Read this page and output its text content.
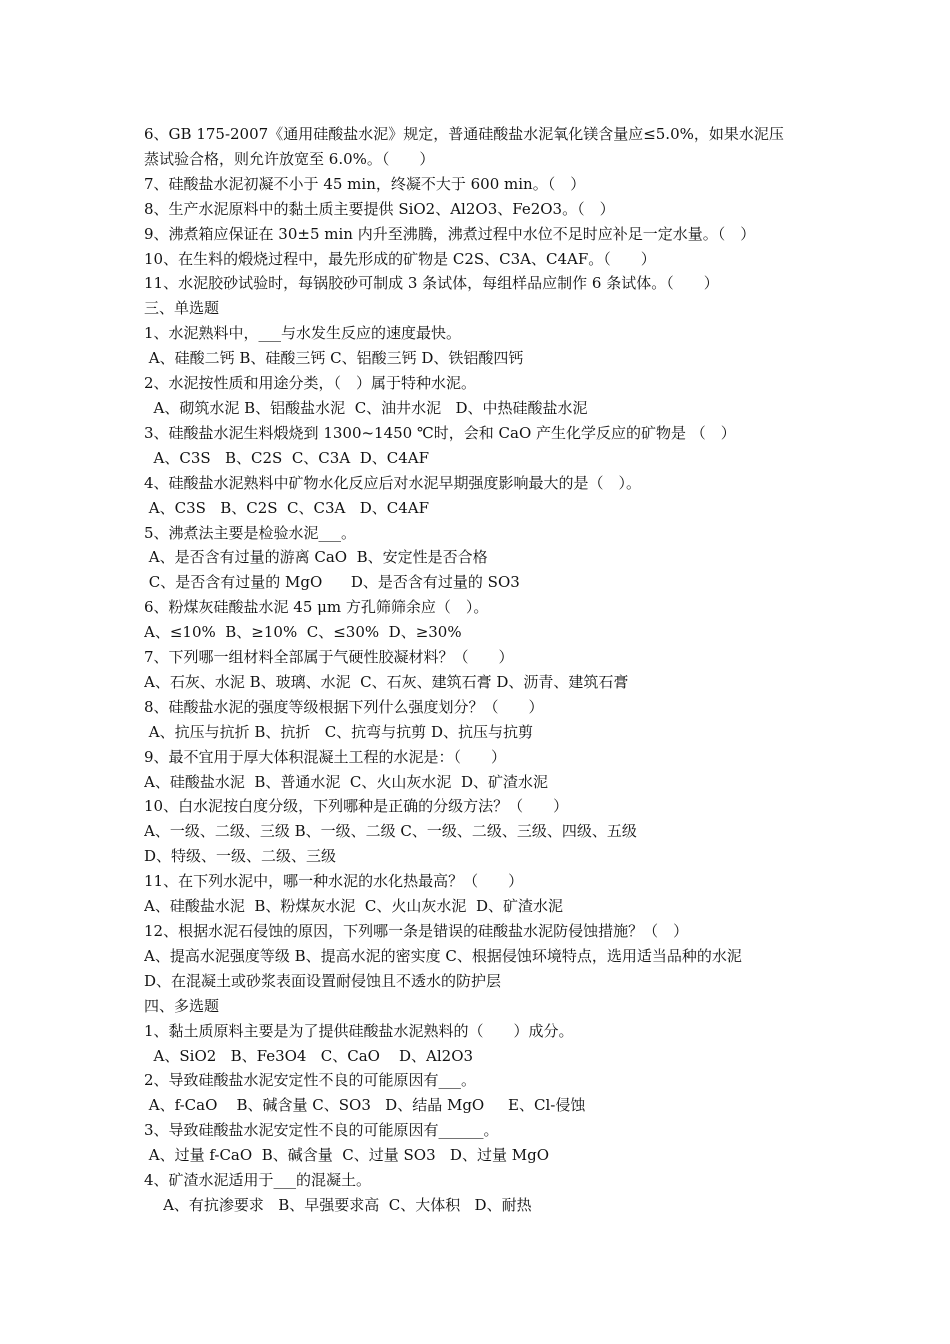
6、GB 175-2007《通用硅酸盐水泥》规定，普通硅酸盐水泥氧化镁含量应≤5.0%，如果水泥压
蒸试验合格，则允许放宽至 6.0%。（　　）
7、硅酸盐水泥初凝不小于 45 min，终凝不大于 600 min。（　）
8、生产水泥原料中的黏土质主要提供 SiO2、Al2O3、Fe2O3。（　）
9、沸煮箱应保证在 30±5 min 内升至沸腾，沸煮过程中水位不足时应补足一定水量。（　）
10、在生料的煅烧过程中，最先形成的矿物是 C2S、C3A、C4AF。（　　）
11、水泥胶砂试验时，每锅胶砂可制成 3 条试体，每组样品应制作 6 条试体。（　　）
三、单选题
1、水泥熟料中，___与水发生反应的速度最快。
A、硅酸二钙 B、硅酸三钙 C、铝酸三钙 D、铁铝酸四钙
2、水泥按性质和用途分类，（　）属于特种水泥。
A、砌筑水泥 B、铝酸盐水泥  C、油井水泥   D、中热硅酸盐水泥
3、硅酸盐水泥生料煅烧到 1300~1450 ℃时，会和 CaO 产生化学反应的矿物是 （　）
A、C3S   B、C2S  C、C3A  D、C4AF
4、硅酸盐水泥熟料中矿物水化反应后对水泥早期强度影响最大的是（　）。
A、C3S   B、C2S  C、C3A   D、C4AF
5、沸煮法主要是检验水泥___。
A、是否含有过量的游离 CaO  B、安定性是否合格
C、是否含有过量的 MgO      D、是否含有过量的 SO3
6、粉煤灰硅酸盐水泥 45 μm 方孔筛筛余应（　）。
A、≤10%  B、≥10%  C、≤30%  D、≥30%
7、下列哪一组材料全部属于气硬性胶凝材料？（　　）
A、石灰、水泥 B、玻璃、水泥  C、石灰、建筑石膏 D、沥青、建筑石膏
8、硅酸盐水泥的强度等级根据下列什么强度划分？（　　）
A、抗压与抗折 B、抗折   C、抗弯与抗剪 D、抗压与抗剪
9、最不宜用于厚大体积混凝土工程的水泥是：（　　）
A、硅酸盐水泥  B、普通水泥  C、火山灰水泥  D、矿渣水泥
10、白水泥按白度分级，下列哪种是正确的分级方法？（　　）
A、一级、二级、三级 B、一级、二级 C、一级、二级、三级、四级、五级
D、特级、一级、二级、三级
11、在下列水泥中，哪一种水泥的水化热最高？（　　）
A、硅酸盐水泥  B、粉煤灰水泥  C、火山灰水泥  D、矿渣水泥
12、根据水泥石侵蚀的原因，下列哪一条是错误的硅酸盐水泥防侵蚀措施？（　）
A、提高水泥强度等级 B、提高水泥的密实度 C、根据侵蚀环境特点，选用适当品种的水泥
D、在混凝土或砂浆表面设置耐侵蚀且不透水的防护层
四、多选题
1、黏土质原料主要是为了提供硅酸盐水泥熟料的（　　）成分。
A、SiO2   B、Fe3O4   C、CaO    D、Al2O3
2、导致硅酸盐水泥安定性不良的可能原因有___。
A、f-CaO    B、碱含量 C、SO3   D、结晶 MgO     E、Cl-侵蚀
3、导致硅酸盐水泥安定性不良的可能原因有______。
A、过量 f-CaO  B、碱含量  C、过量 SO3   D、过量 MgO
4、矿渣水泥适用于___的混凝土。
A、有抗渗要求   B、早强要求高  C、大体积   D、耐热
